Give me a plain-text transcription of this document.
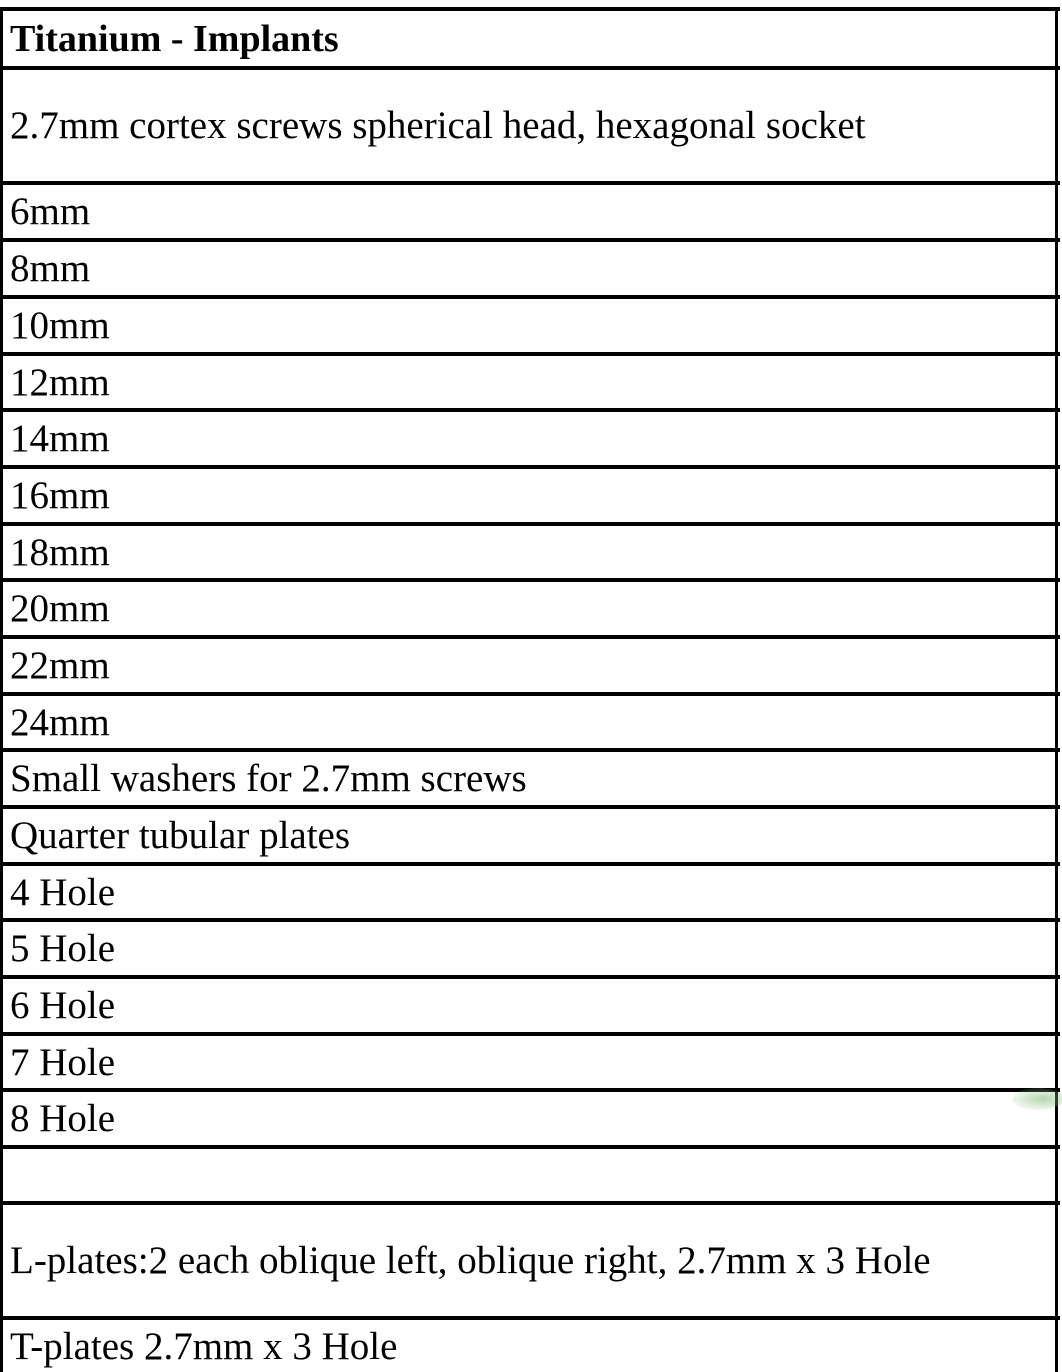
Titanium - Implants
2.7mm cortex screws spherical head, hexagonal socket
6mm
8mm
10mm
12mm
14mm
16mm
18mm
20mm
22mm
24mm
Small washers for 2.7mm screws
Quarter tubular plates
4 Hole
5 Hole
6 Hole
7 Hole
8 Hole
L-plates:2 each oblique left, oblique right, 2.7mm x 3 Hole
T-plates 2.7mm x 3 Hole
